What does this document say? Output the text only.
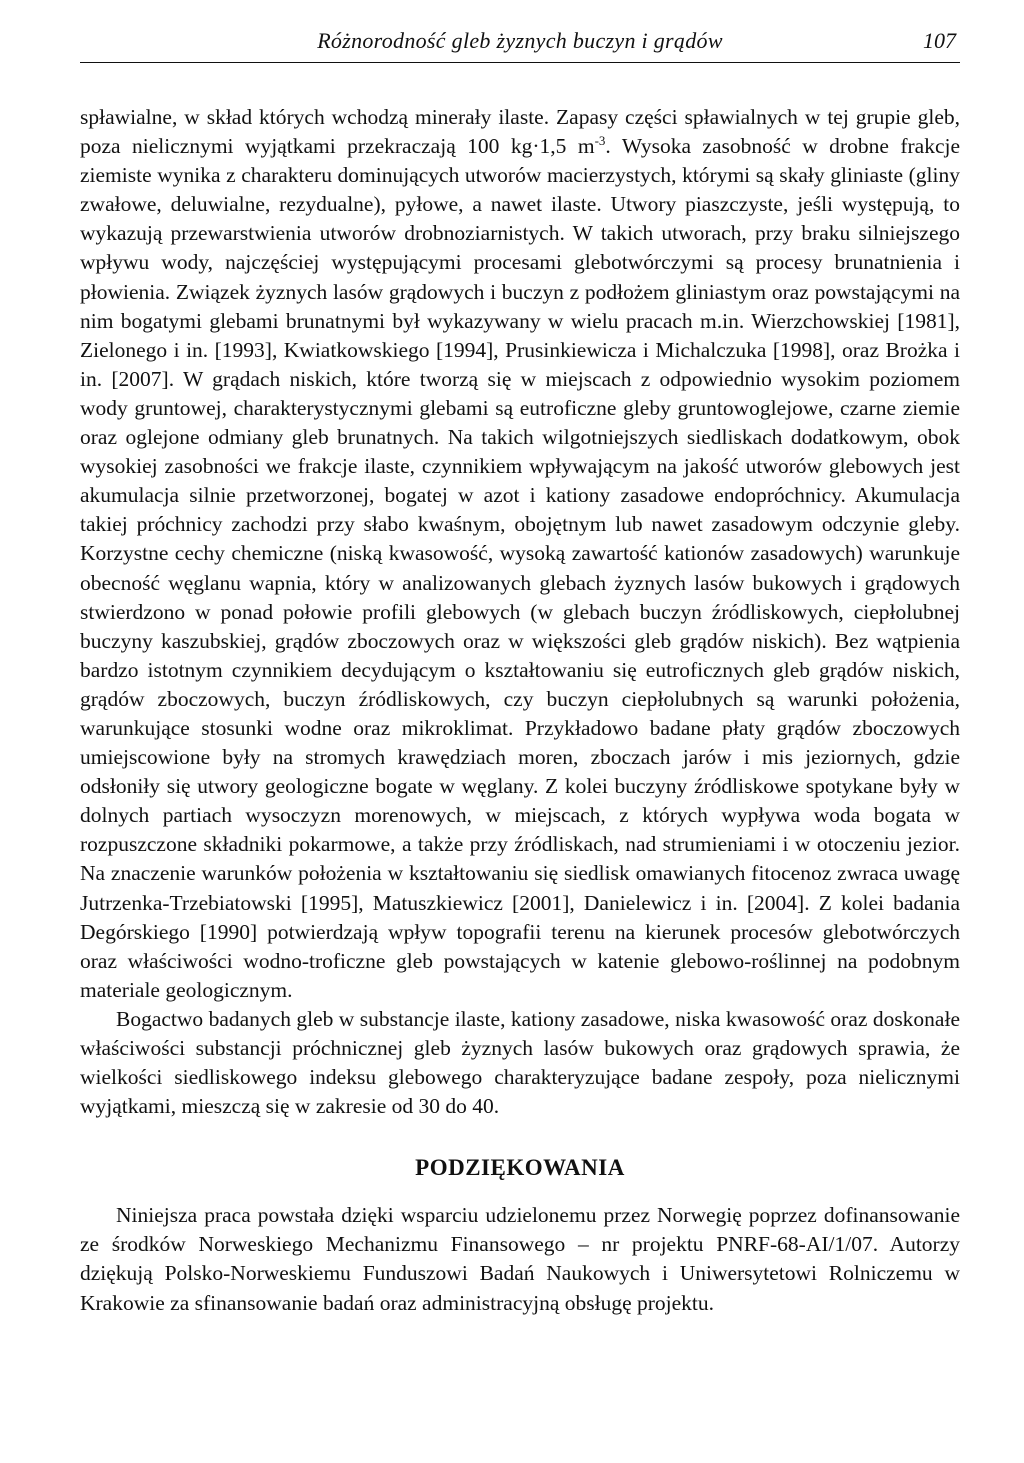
Różnorodność gleb żyznych buczyn i grądów	107

spławialne, w skład których wchodzą minerały ilaste. Zapasy części spławialnych w tej grupie gleb, poza nielicznymi wyjątkami przekraczają 100 kg·1,5 $m^{-3}$. Wysoka zasobność w drobne frakcje ziemiste wynika z charakteru dominujących utworów macierzystych, którymi są skały gliniaste (gliny zwałowe, deluwialne, rezydualne), pyłowe, a nawet ilaste. Utwory piaszczyste, jeśli występują, to wykazują przewarstwienia utworów drobnoziarnistych. W takich utworach, przy braku silniejszego wpływu wody, najczęściej występującymi procesami glebotwórczymi są procesy brunatnienia i płowienia. Związek żyznych lasów grądowych i buczyn z podłożem gliniastym oraz powstającymi na nim bogatymi glebami brunatnymi był wykazywany w wielu pracach m.in. Wierzchowskiej [1981], Zielonego i in. [1993], Kwiatkowskiego [1994], Prusinkiewicza i Michalczuka [1998], oraz Brożka i in. [2007]. W grądach niskich, które tworzą się w miejscach z odpowiednio wysokim poziomem wody gruntowej, charakterystycznymi glebami są eutroficzne gleby gruntowoglejowe, czarne ziemie oraz oglejone odmiany gleb brunatnych. Na takich wilgotniejszych siedliskach dodatkowym, obok wysokiej zasobności we frakcje ilaste, czynnikiem wpływającym na jakość utworów glebowych jest akumulacja silnie przetworzonej, bogatej w azot i kationy zasadowe endopróchnicy. Akumulacja takiej próchnicy zachodzi przy słabo kwaśnym, obojętnym lub nawet zasadowym odczynie gleby. Korzystne cechy chemiczne (niską kwasowość, wysoką zawartość kationów zasadowych) warunkuje obecność węglanu wapnia, który w analizowanych glebach żyznych lasów bukowych i grądowych stwierdzono w ponad połowie profili glebowych (w glebach buczyn źródliskowych, ciepłolubnej buczyny kaszubskiej, grądów zboczowych oraz w większości gleb grądów niskich). Bez wątpienia bardzo istotnym czynnikiem decydującym o kształtowaniu się eutroficznych gleb grądów niskich, grądów zboczowych, buczyn źródliskowych, czy buczyn ciepłolubnych są warunki położenia, warunkujące stosunki wodne oraz mikroklimat. Przykładowo badane płaty grądów zboczowych umiejscowione były na stromych krawędziach moren, zboczach jarów i mis jeziornych, gdzie odsłoniły się utwory geologiczne bogate w węglany. Z kolei buczyny źródliskowe spotykane były w dolnych partiach wysoczyzn morenowych, w miejscach, z których wypływa woda bogata w rozpuszczone składniki pokarmowe, a także przy źródliskach, nad strumieniami i w otoczeniu jezior. Na znaczenie warunków położenia w kształtowaniu się siedlisk omawianych fitocenoz zwraca uwagę Jutrzenka-Trzebiatowski [1995], Matuszkiewicz [2001], Danielewicz i in. [2004]. Z kolei badania Degórskiego [1990] potwierdzają wpływ topografii terenu na kierunek procesów glebotwórczych oraz właściwości wodno-troficzne gleb powstających w katenie glebowo-roślinnej na podobnym materiale geologicznym.

Bogactwo badanych gleb w substancje ilaste, kationy zasadowe, niska kwasowość oraz doskonałe właściwości substancji próchnicznej gleb żyznych lasów bukowych oraz grądowych sprawia, że wielkości siedliskowego indeksu glebowego charakteryzujące badane zespoły, poza nielicznymi wyjątkami, mieszczą się w zakresie od 30 do 40.

PODZIĘKOWANIA

Niniejsza praca powstała dzięki wsparciu udzielonemu przez Norwegię poprzez dofinansowanie ze środków Norweskiego Mechanizmu Finansowego – nr projektu PNRF-68-AI/1/07. Autorzy dziękują Polsko-Norweskiemu Funduszowi Badań Naukowych i Uniwersytetowi Rolniczemu w Krakowie za sfinansowanie badań oraz administracyjną obsługę projektu.
